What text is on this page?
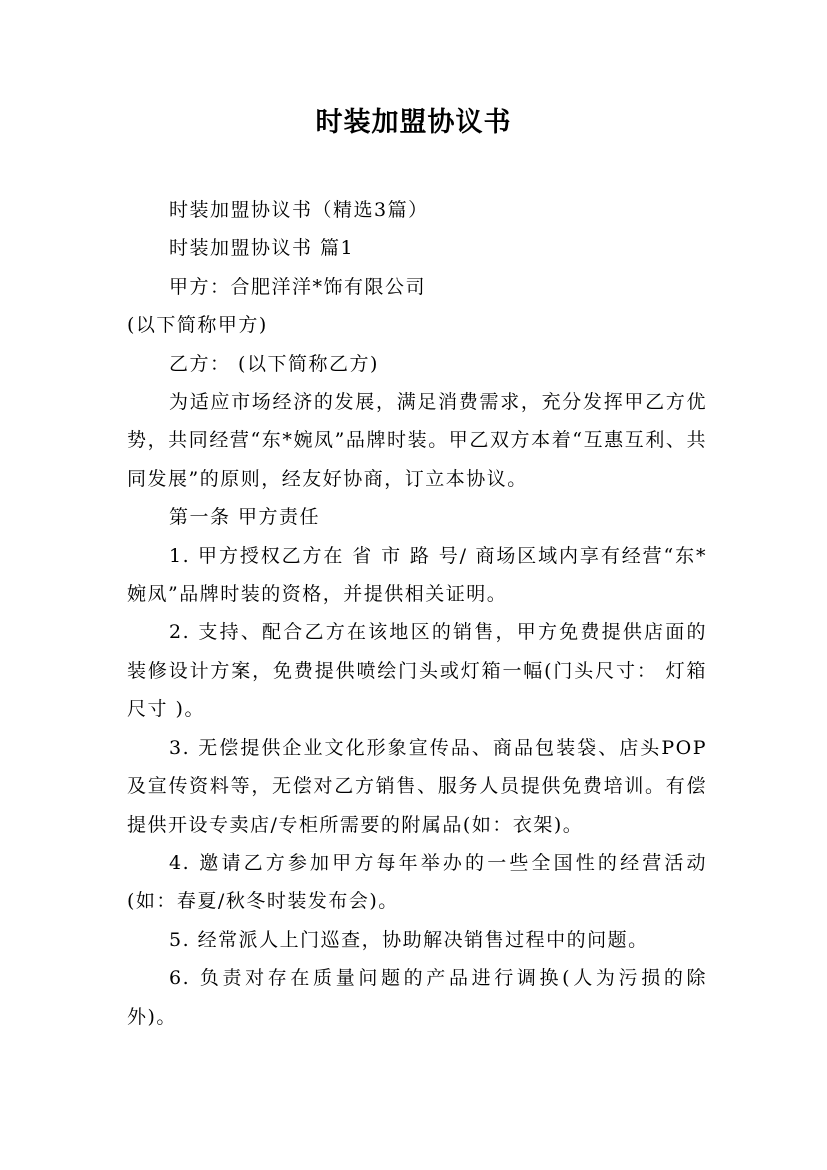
时装加盟协议书

时装加盟协议书（精选3篇）

时装加盟协议书 篇1

甲方：合肥洋洋*饰有限公司

(以下简称甲方)

乙方： (以下简称乙方)

为适应市场经济的发展，满足消费需求，充分发挥甲乙方优势，共同经营“东*婉凤”品牌时装。甲乙双方本着“互惠互利、共同发展”的原则，经友好协商，订立本协议。

第一条 甲方责任

1. 甲方授权乙方在 省 市 路 号/ 商场区域内享有经营“东*婉凤”品牌时装的资格，并提供相关证明。

2. 支持、配合乙方在该地区的销售，甲方免费提供店面的装修设计方案，免费提供喷绘门头或灯箱一幅(门头尺寸： 灯箱尺寸 )。

3. 无偿提供企业文化形象宣传品、商品包装袋、店头POP及宣传资料等，无偿对乙方销售、服务人员提供免费培训。有偿提供开设专卖店/专柜所需要的附属品(如：衣架)。

4. 邀请乙方参加甲方每年举办的一些全国性的经营活动(如：春夏/秋冬时装发布会)。

5. 经常派人上门巡查，协助解决销售过程中的问题。

6. 负责对存在质量问题的产品进行调换(人为污损的除外)。
